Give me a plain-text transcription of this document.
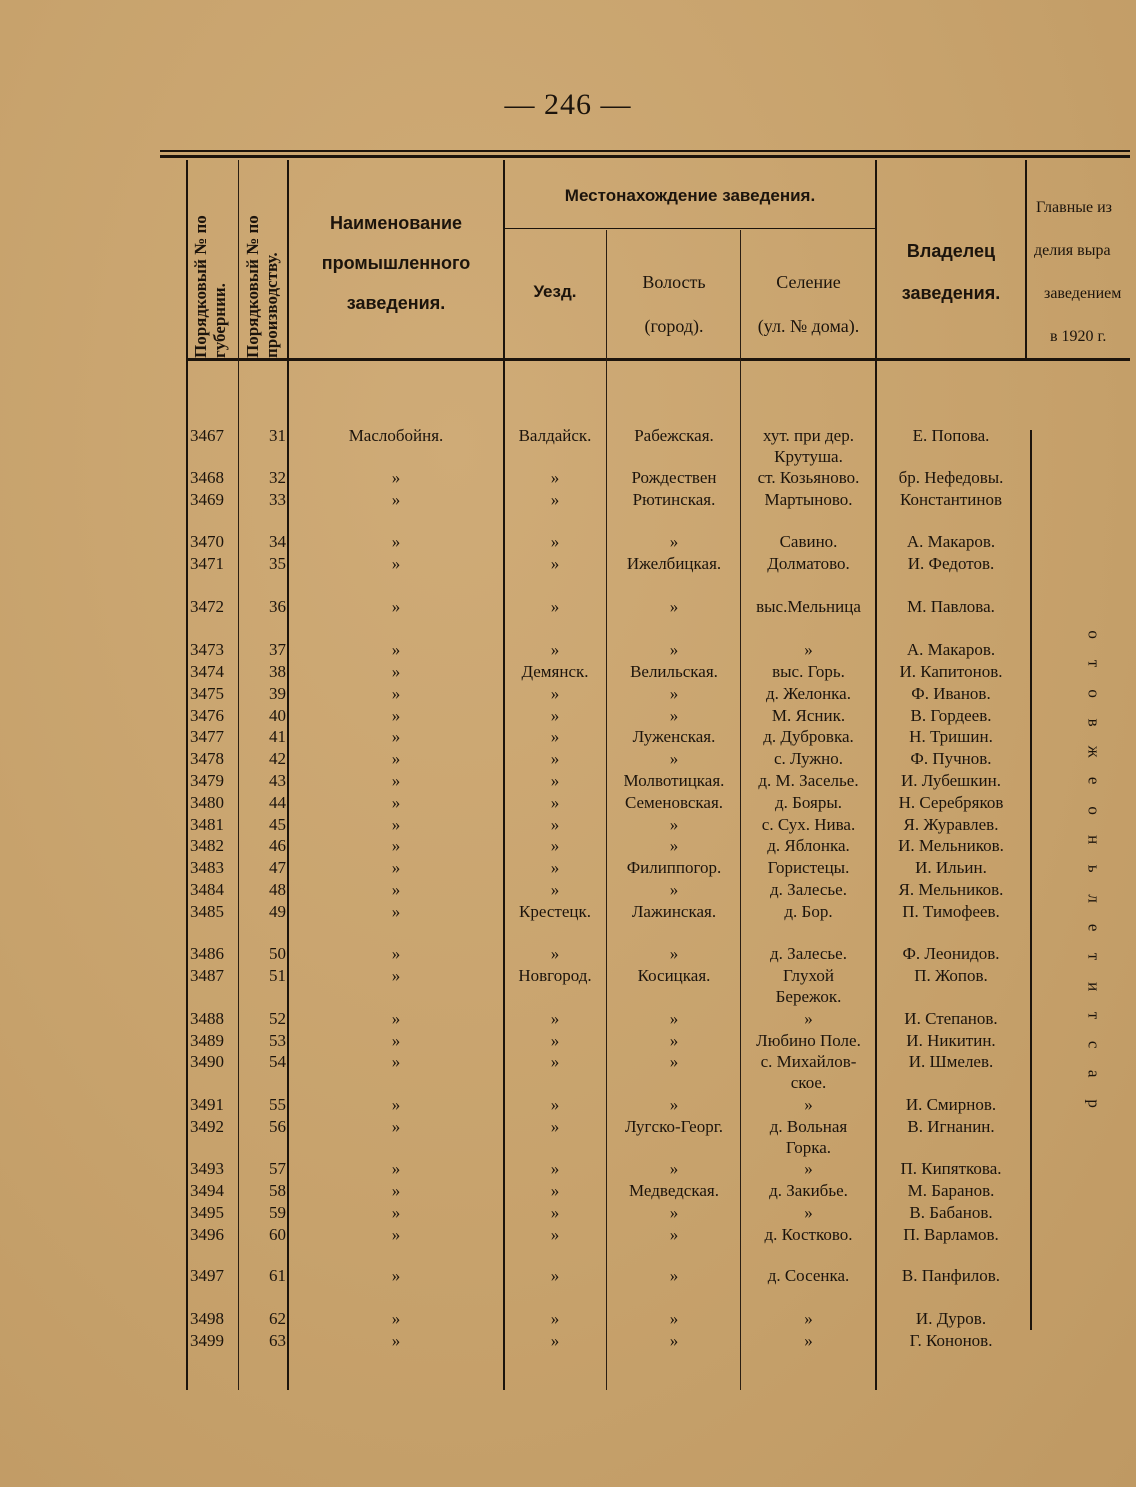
— 246 —
Порядковый № по губернии. Порядковый № по производству.
Наименование
промышленного
заведения.
Местонахождение заведения.
Уезд.	Волость
(город).
Селение
(ул. № дома).
Владелец
заведения.
Главные из
делия выра
заведением
в 1920 г.
3467	31	Маслобойня.	Валдайск.	Рабежская.	хут. при дер.	Е. Попова.
Крутуша.
3468	32	»	»	Рождествен	ст. Козьяново.	бр. Нефедовы.
3469	33	»	»	Рютинская.	Мартыново.	Константинов
3470	34	»	»	»	Савино.	А. Макаров.
3471	35	»	»	Ижелбицкая.	Долматово.	И. Федотов.
3472	36	»	»	»	выс.Мельница	М. Павлова.
3473	37	»	»	»	»	А. Макаров.
3474	38	»	Демянск.	Велильская.	выс. Горь.	И. Капитонов.
3475	39	»	»	»	д. Желонка.	Ф. Иванов.
3476	40	»	»	»	М. Ясник.	В. Гордеев.
3477	41	»	»	Луженская.	д. Дубровка.	Н. Тришин.
3478	42	»	»	»	с. Лужно.	Ф. Пучнов.
3479	43	»	»	Молвотицкая.	д. М. Заселье.	И. Лубешкин.
3480	44	»	»	Семеновская.	д. Бояры.	Н. Серебряков
3481	45	»	»	»	с. Сух. Нива.	Я. Журавлев.
3482	46	»	»	»	д. Яблонка.	И. Мельников.
3483	47	»	»	Филиппогор.	Гористецы.	И. Ильин.
3484	48	»	»	»	д. Залесье.	Я. Мельников.
3485	49	»	Крестецк.	Лажинская.	д. Бор.	П. Тимофеев.
3486	50	»	»	»	д. Залесье.	Ф. Леонидов.
3487	51	»	Новгород.	Косицкая.	Глухой	П. Жопов.
Бережок.
3488	52	»	»	»	»	И. Степанов.
3489	53	»	»	»	Любино Поле.	И. Никитин.
3490	54	»	»	»	с. Михайлов-	И. Шмелев.
ское.
3491	55	»	»	»	»	И. Смирнов.
3492	56	»	»	Лугско-Георг.	д. Вольная	В. Игнанин.
Горка.
3493	57	»	»	»	»	П. Кипяткова.
3494	58	»	»	Медведская.	д. Закибье.	М. Баранов.
3495	59	»	»	»	»	В. Бабанов.
3496	60	»	»	»	д. Костково.	П. Варламов.
3497	61	»	»	»	д. Сосенка.	В. Панфилов.
3498	62	»	»	»	»	И. Дуров.
3499	63	»	»	»	»	Г. Кононов.
о
т
о
в
ж
е
о
н
ь
л
е
т
и
т
с
а
р
